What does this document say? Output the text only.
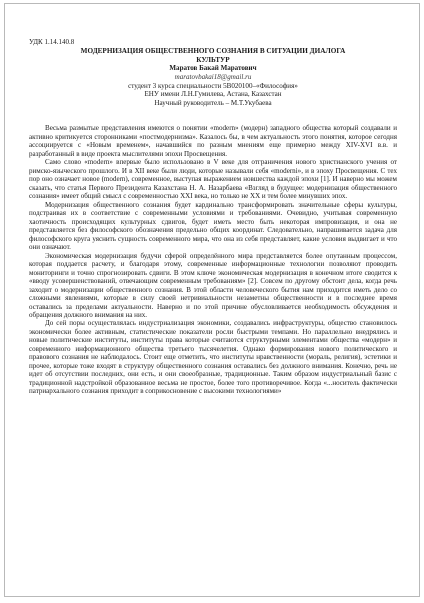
УДК 1.14.140.8
МОДЕРНИЗАЦИЯ ОБЩЕСТВЕННОГО СОЗНАНИЯ В СИТУАЦИИ ДИАЛОГА
КУЛЬТУР
Маратов Бакай Маратович
maratovbakai18@gmail.ru
студент 3 курса специальности 5В020100–«Философия»
ЕНУ имени Л.Н.Гумилева, Астана, Казахстан
Научный руководитель – М.Т.Укубаева

Весьма размытые представления имеются о понятии «modern» (модерн) западного общества который создавали и активно критикуется сторонниками «постмодернизма». Казалось бы, в чем актуальность этого понятия, которое сегодня ассоциируется с «Новым временем», начавшийся по разным мнениям еще примерно между XIV-XVI в.в. и разработанный в виде проекта мыслителями эпохи Просвещения.

Само слово «modern» впервые было использовано в V веке для отграничения нового христианского учения от римско-языческого прошлого. И в XII веке были люди, которые называли себя «moderni», и в эпоху Просвещения. С тех пор оно означает новое (modern), современное, выступая выражением новшества каждой эпохи [1]. И наверно мы можем сказать, что статья Первого Президента Казахстана Н. А. Назарбаева «Взгляд в будущее: модернизация общественного сознания» имеет общий смысл с современностью XXI века, но только не XX и тем более минувших эпох.

Модернизация общественного сознания будет кардинально трансформировать значительные сферы культуры, подстраивая их в соответствие с современными условиями и требованиями. Очевидно, учитывая современную хаотичность происходящих культурных сдвигов, будет иметь место быть некоторая импровизация, и она не представляется без философского обозначения предельно общих координат. Следовательно, напрашивается задача для философского круга уяснить сущность современного мира, что она из себя представляет, какие условия выдвигает и что они означают.

Экономическая модернизация будучи сферой определённого мира представляется более опутанным процессом, которая поддается расчету, и благодаря этому, современные информационные технологии позволяют проводить мониторинги и точно спрогнозировать сдвиги. В этом ключе экономическая модернизация в конечном итоге сводится к «вводу усовершенствований, отвечающим современным требованиям» [2]. Совсем по другому обстоит дела, когда речь заходит о модернизации общественного сознания. В этой области человеческого бытия нам приходится иметь дело со сложными явлениями, которые в силу своей нетривиальности незаметны общественности и в последнее время оставались за пределами актуальности. Наверно и по этой причине обусловливается необходимость обсуждения и обращения должного внимания на них.

До сей поры осуществлялась индустриализация экономики, создавались инфраструктуры, общество становилось экономически более активным, статистические показатели росли быстрыми темпами. Но параллельно внедрялись и новые политические институты, институты права которые считаются структурными элементами общества «модерн» и современного информационного общества третьего тысячелетия. Однако формирования нового политического и правового сознания не наблюдалось. Стоит еще отметить, что институты нравственности (мораль, религия), эстетики и прочее, которые тоже входят в структуру общественного сознания оставались без должного внимания. Конечно, речь не идет об отсутствии последних, они есть, и они своеобразные, традиционные. Таким образом индустриальный базис с традиционной надстройкой образованное весьма не простое, более того противоречивое. Когда «...носитель фактически патриархального сознания приходит в соприкосновение с высокими технологиями»
